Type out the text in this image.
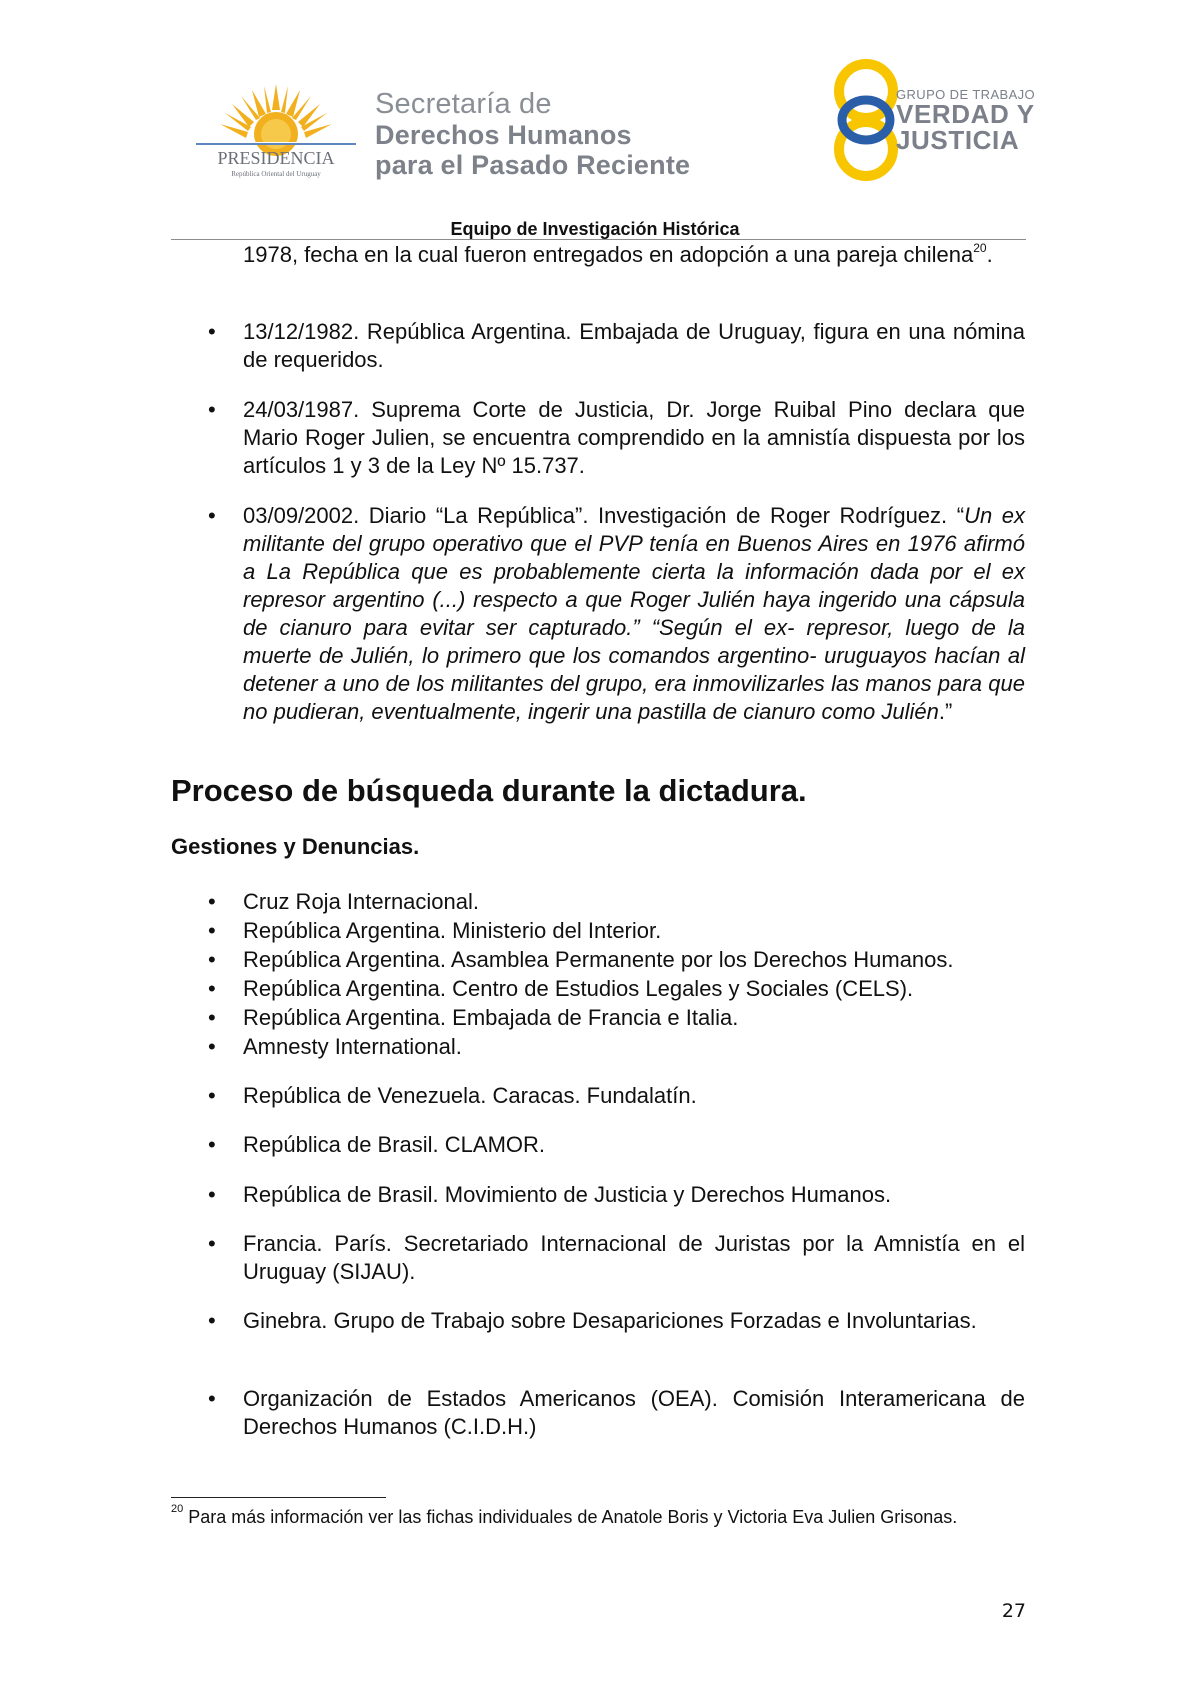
PRESIDENCIA
República Oriental del Uruguay
Secretaría de
Derechos Humanos
para el Pasado Reciente
GRUPO DE TRABAJO
VERDAD Y
JUSTICIA
Equipo de Investigación Histórica
1978, fecha en la cual fueron entregados en adopción a una pareja chilena$^{20}$.
• 13/12/1982. República Argentina. Embajada de Uruguay, figura en una nómina de requeridos.
• 24/03/1987. Suprema Corte de Justicia, Dr. Jorge Ruibal Pino declara que Mario Roger Julien, se encuentra comprendido en la amnistía dispuesta por los artículos 1 y 3 de la Ley Nº 15.737.
• 03/09/2002. Diario “La República”. Investigación de Roger Rodríguez. “Un ex militante del grupo operativo que el PVP tenía en Buenos Aires en 1976 afirmó a La República que es probablemente cierta la información dada por el ex represor argentino (...) respecto a que Roger Julién haya ingerido una cápsula de cianuro para evitar ser capturado.” “Según el ex- represor, luego de la muerte de Julién, lo primero que los comandos argentino- uruguayos hacían al detener a uno de los militantes del grupo, era inmovilizarles las manos para que no pudieran, eventualmente, ingerir una pastilla de cianuro como Julién.”
Proceso de búsqueda durante la dictadura.
Gestiones y Denuncias.
• Cruz Roja Internacional.
• República Argentina. Ministerio del Interior.
• República Argentina. Asamblea Permanente por los Derechos Humanos.
• República Argentina. Centro de Estudios Legales y Sociales (CELS).
• República Argentina. Embajada de Francia e Italia.
• Amnesty International.
• República de Venezuela. Caracas. Fundalatín.
• República de Brasil. CLAMOR.
• República de Brasil. Movimiento de Justicia y Derechos Humanos.
• Francia. París. Secretariado Internacional de Juristas por la Amnistía en el Uruguay (SIJAU).
• Ginebra. Grupo de Trabajo sobre Desapariciones Forzadas e Involuntarias.
• Organización de Estados Americanos (OEA). Comisión Interamericana de Derechos Humanos (C.I.D.H.)
$^{20}$ Para más información ver las fichas individuales de Anatole Boris y Victoria Eva Julien Grisonas.
27
